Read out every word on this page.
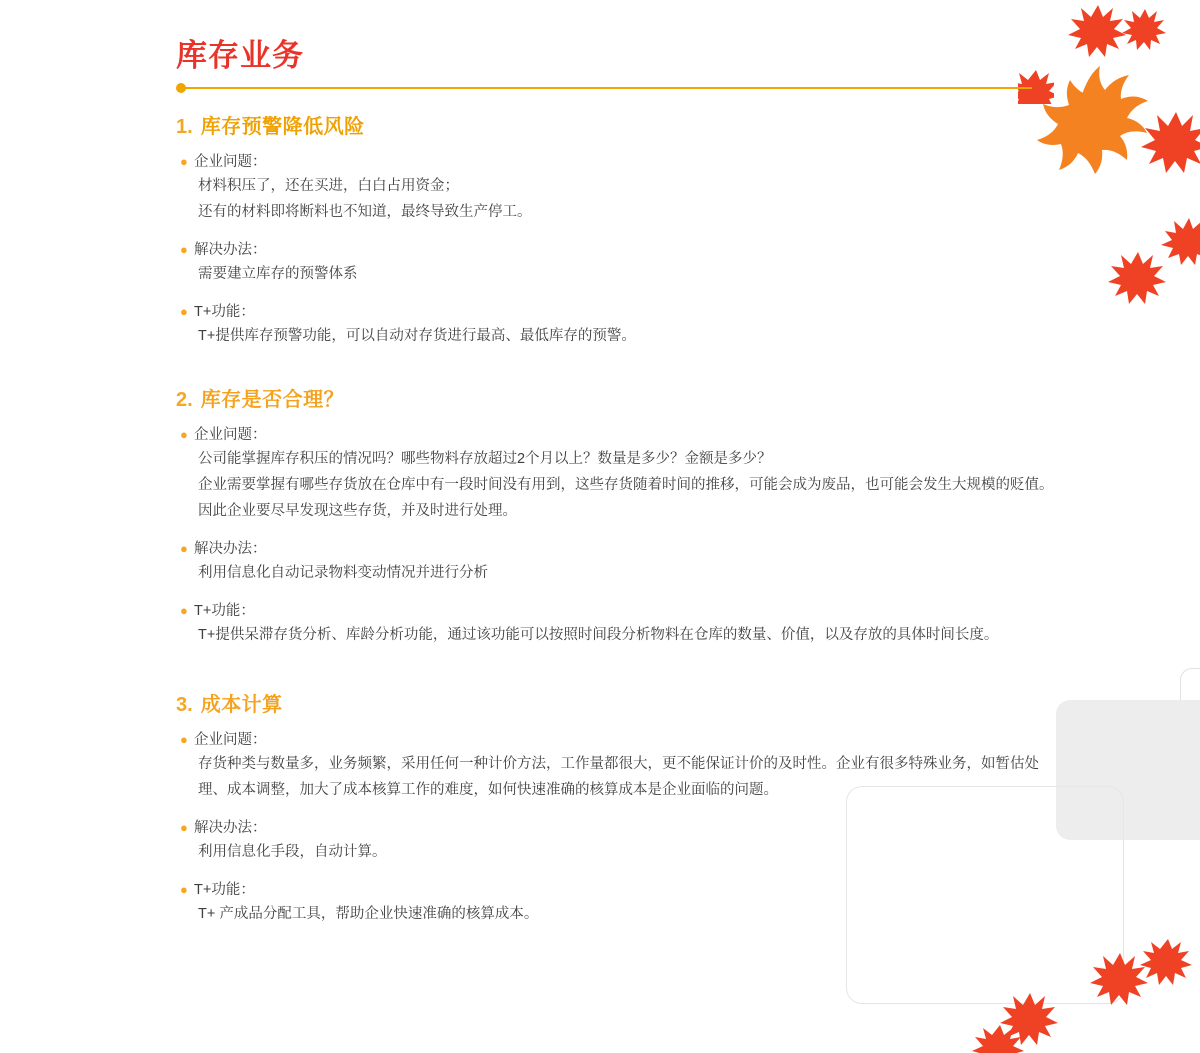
库存业务
1. 库存预警降低风险
● 企业问题：
材料积压了，还在买进，白白占用资金；
还有的材料即将断料也不知道，最终导致生产停工。
● 解决办法：
需要建立库存的预警体系
● T+功能：
T+提供库存预警功能，可以自动对存货进行最高、最低库存的预警。
2. 库存是否合理？
● 企业问题：
公司能掌握库存积压的情况吗？哪些物料存放超过2个月以上？数量是多少？金额是多少？
企业需要掌握有哪些存货放在仓库中有一段时间没有用到，这些存货随着时间的推移，可能会成为废品，也可能会发生大规模的贬值。因此企业要尽早发现这些存货，并及时进行处理。
● 解决办法：
利用信息化自动记录物料变动情况并进行分析
● T+功能：
T+提供呆滞存货分析、库龄分析功能，通过该功能可以按照时间段分析物料在仓库的数量、价值，以及存放的具体时间长度。
3. 成本计算
● 企业问题：
存货种类与数量多，业务频繁，采用任何一种计价方法，工作量都很大，更不能保证计价的及时性。企业有很多特殊业务，如暂估处理、成本调整，加大了成本核算工作的难度，如何快速准确的核算成本是企业面临的问题。
● 解决办法：
利用信息化手段，自动计算。
● T+功能：
T+ 产成品分配工具，帮助企业快速准确的核算成本。
